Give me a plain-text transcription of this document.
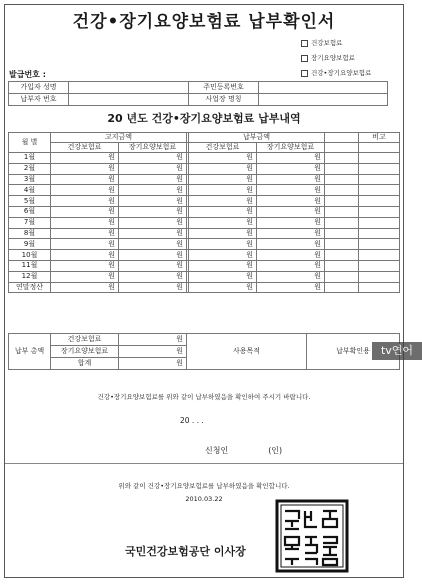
건강•장기요양보험료 납부확인서
건강보험료
장기요양보험료
건강•장기요양보험료
발급번호 :
가입자 성명		주민등록번호	
납부자 번호		사업장 명칭	
20 년도 건강•장기요양보험료 납부내역
월 별	고지금액			납부금액			비고
	건강보험료	장기요양보험료		건강보험료	장기요양보험료		
1월	원	원		원	원		
2월	원	원		원	원		
3월	원	원		원	원		
4월	원	원		원	원		
5월	원	원		원	원		
6월	원	원		원	원		
7월	원	원		원	원		
8월	원	원		원	원		
9월	원	원		원	원		
10월	원	원		원	원		
11월	원	원		원	원		
12월	원	원		원	원		
연말정산	원	원		원	원		
납부 총액	건강보험료	원	사용목적	납부확인용
	장기요양보험료	원		
	합계	원		
건강•장기요양보험료를 위와 같이 납부하였음을 확인하여 주시기 바랍니다.
20 . . .
신청인	(인)
위와 같이 건강•장기요양보험료를 납부하였음을 확인합니다.
2010.03.22
국민건강보험공단 이사장
tv연어
